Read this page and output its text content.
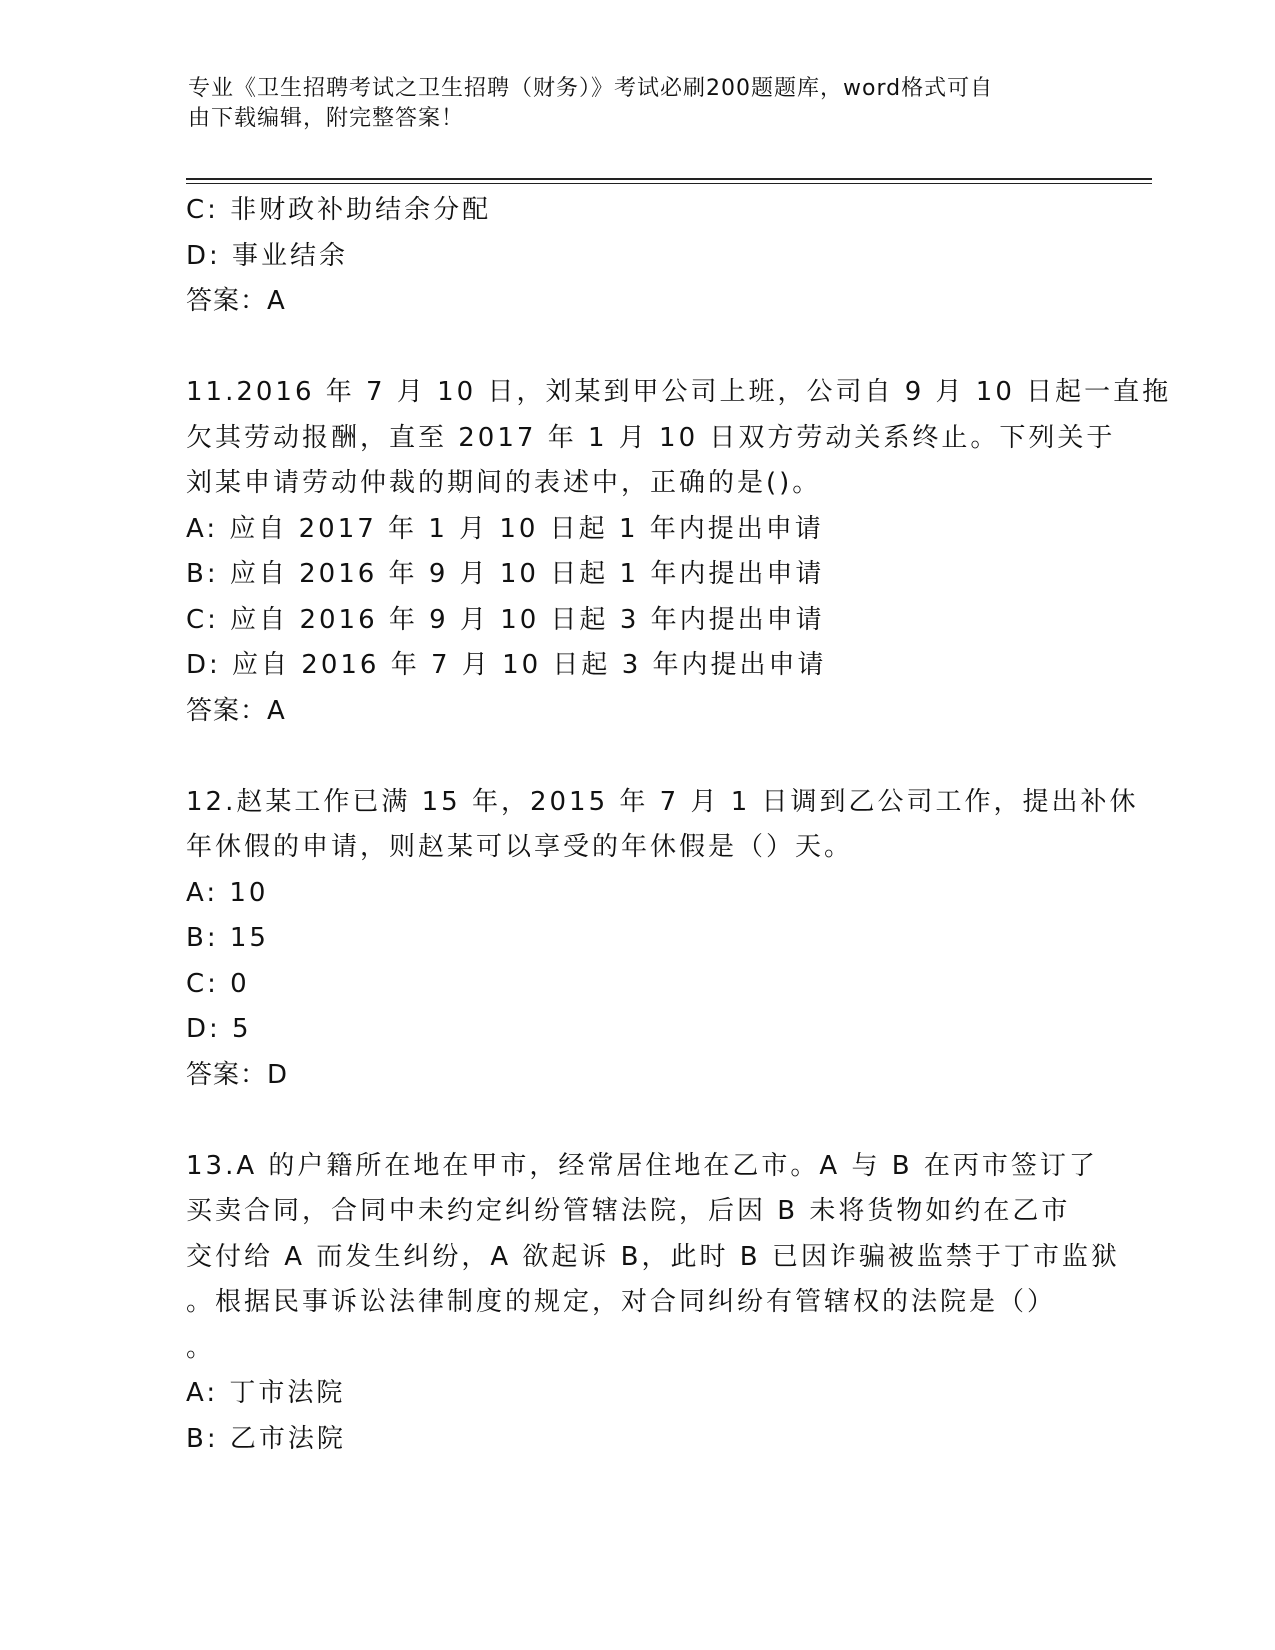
专业《卫生招聘考试之卫生招聘（财务）》考试必刷200题题库，word格式可自
由下载编辑，附完整答案！
C: 非财政补助结余分配
D: 事业结余
答案：A
11.2016 年 7 月 10 日，刘某到甲公司上班，公司自 9 月 10 日起一直拖
欠其劳动报酬，直至 2017 年 1 月 10 日双方劳动关系终止。下列关于
刘某申请劳动仲裁的期间的表述中，正确的是()。
A: 应自 2017 年 1 月 10 日起 1 年内提出申请
B: 应自 2016 年 9 月 10 日起 1 年内提出申请
C: 应自 2016 年 9 月 10 日起 3 年内提出申请
D: 应自 2016 年 7 月 10 日起 3 年内提出申请
答案：A
12.赵某工作已满 15 年，2015 年 7 月 1 日调到乙公司工作，提出补休
年休假的申请，则赵某可以享受的年休假是（）天。
A: 10
B: 15
C: 0
D: 5
答案：D
13.A 的户籍所在地在甲市，经常居住地在乙市。A 与 B 在丙市签订了
买卖合同，合同中未约定纠纷管辖法院，后因 B 未将货物如约在乙市
交付给 A 而发生纠纷，A 欲起诉 B，此时 B 已因诈骗被监禁于丁市监狱
。根据民事诉讼法律制度的规定，对合同纠纷有管辖权的法院是（）
。
A: 丁市法院
B: 乙市法院
